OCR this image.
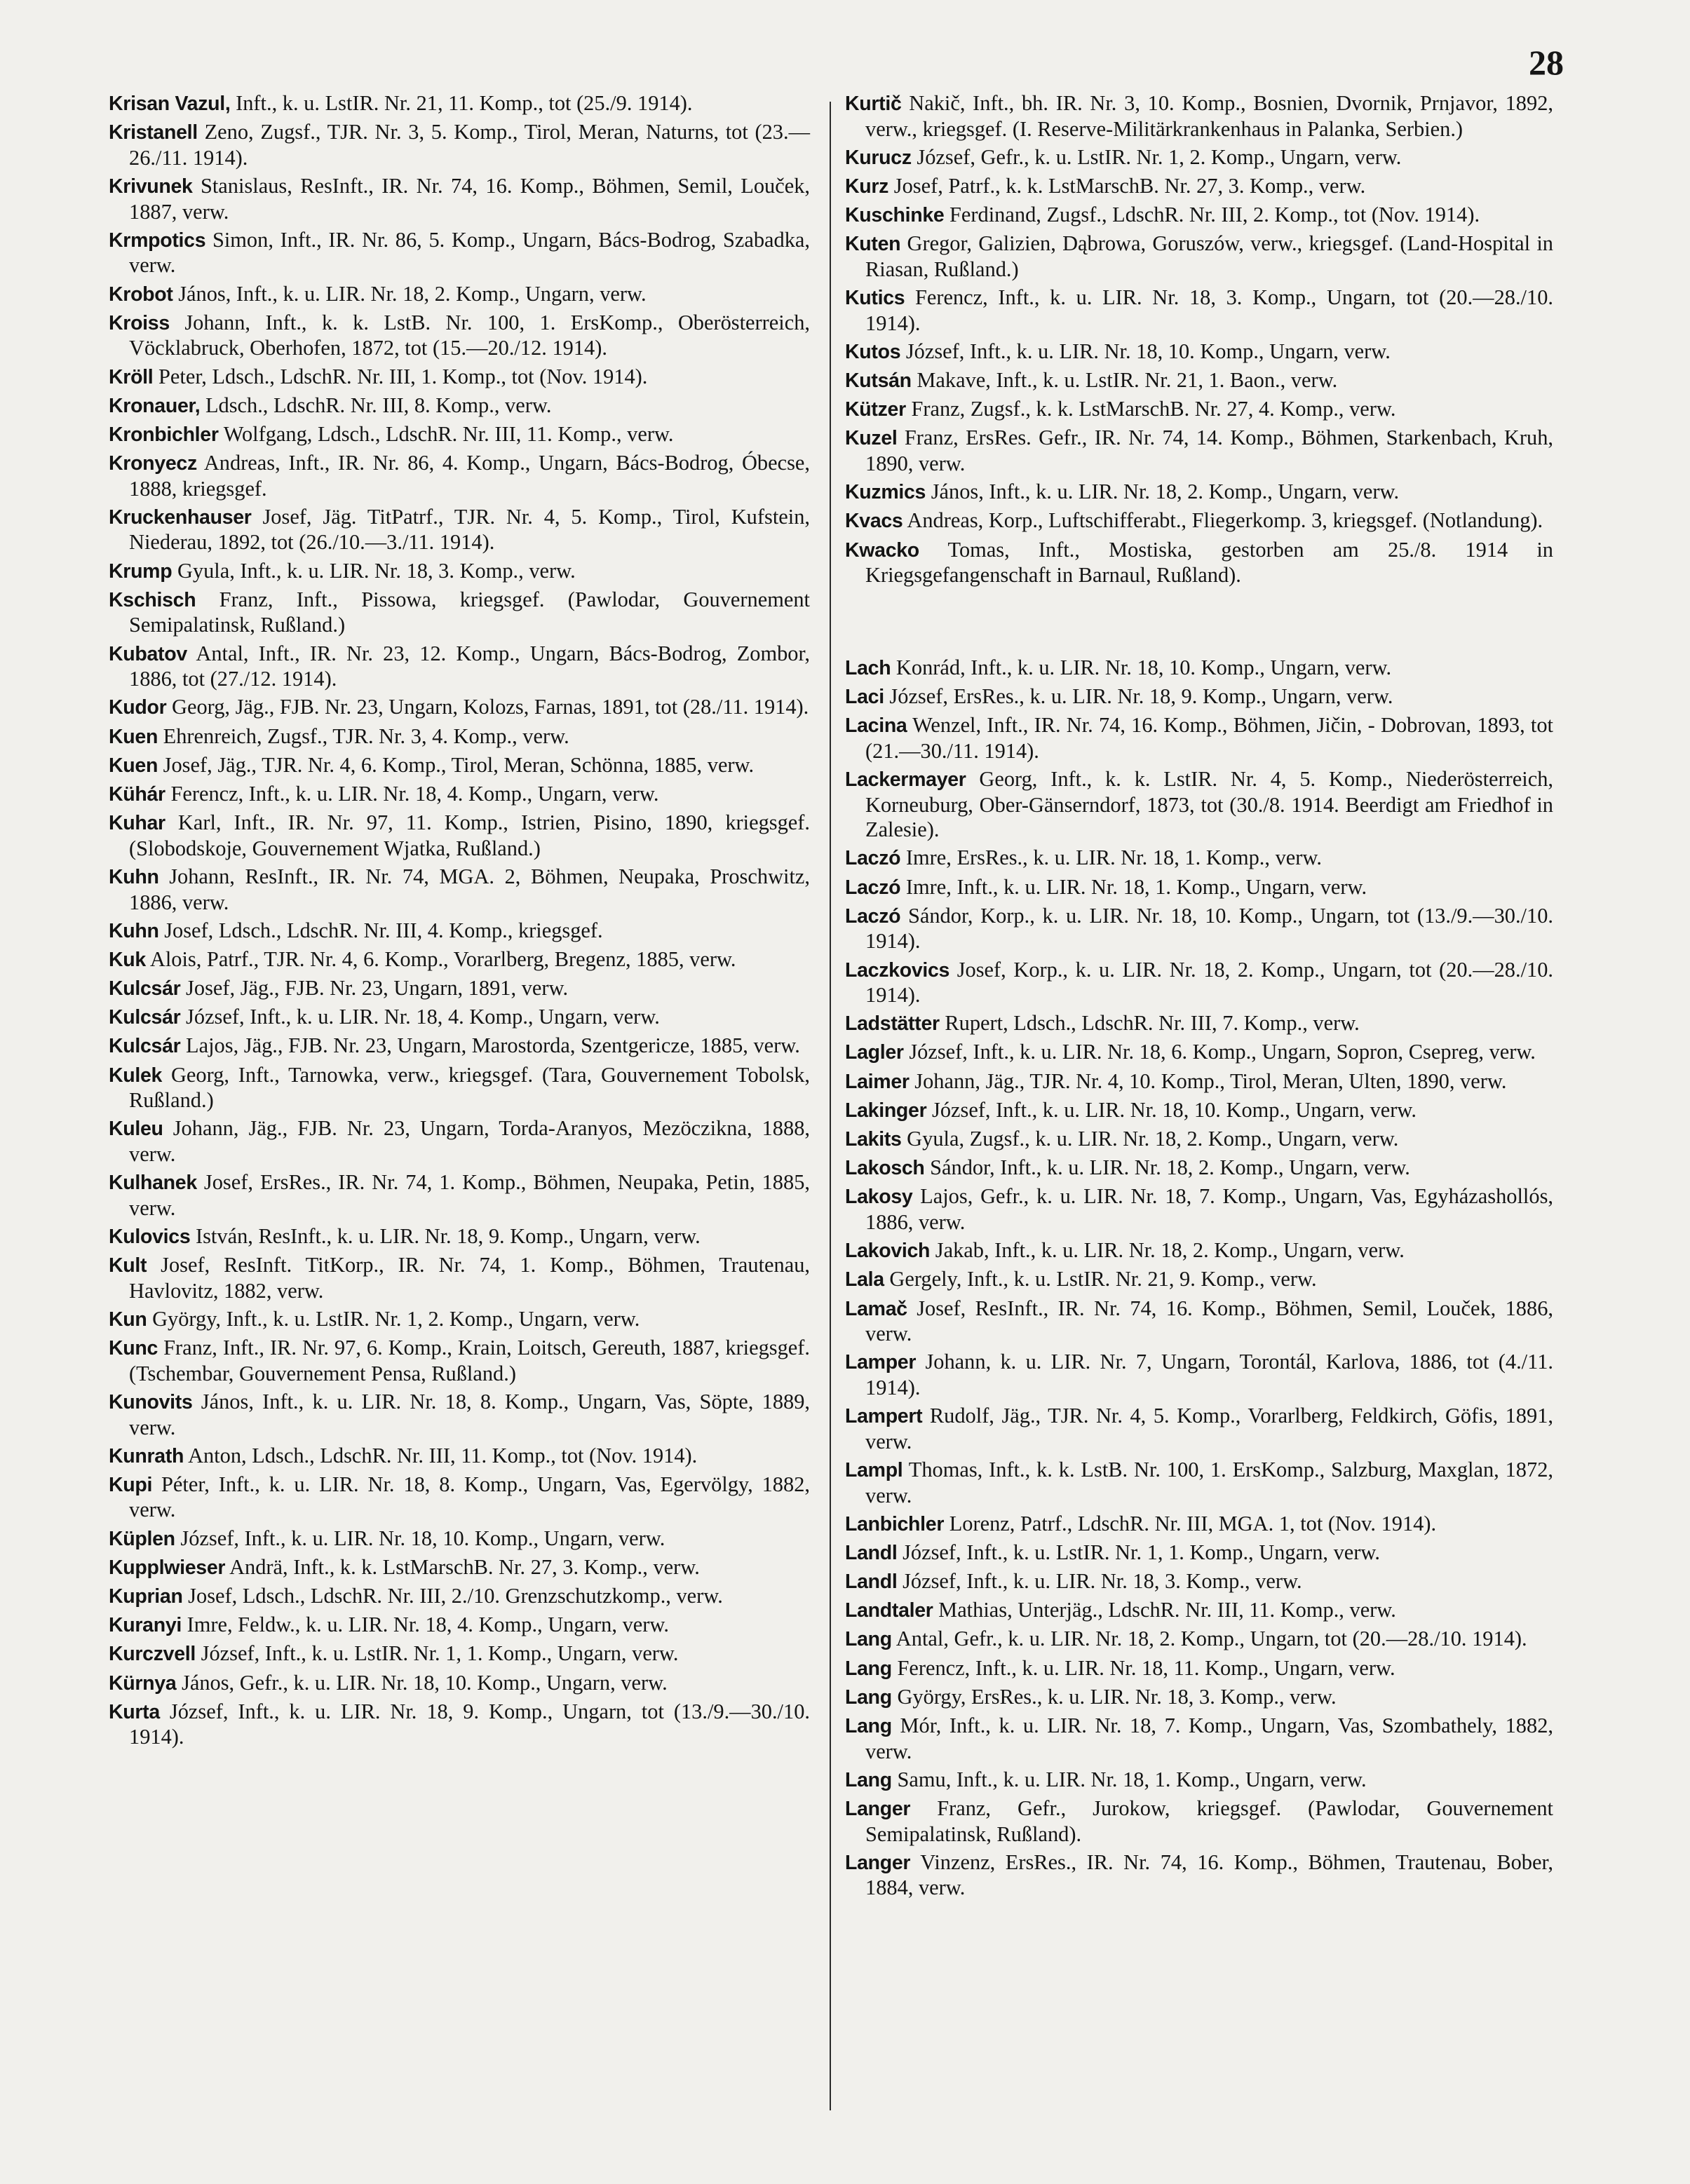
28

Krisan Vazul, Inft., k. u. LstIR. Nr. 21, 11. Komp., tot (25./9. 1914).

Kristanell Zeno, Zugsf., TJR. Nr. 3, 5. Komp., Tirol, Meran, Naturns, tot (23.—26./11. 1914).

Krivunek Stanislaus, ResInft., IR. Nr. 74, 16. Komp., Böhmen, Semil, Louček, 1887, verw.

Krmpotics Simon, Inft., IR. Nr. 86, 5. Komp., Ungarn, Bács-Bodrog, Szabadka, verw.

Krobot János, Inft., k. u. LIR. Nr. 18, 2. Komp., Ungarn, verw.

Kroiss Johann, Inft., k. k. LstB. Nr. 100, 1. ErsKomp., Oberösterreich, Vöcklabruck, Oberhofen, 1872, tot (15.—20./12. 1914).

Kröll Peter, Ldsch., LdschR. Nr. III, 1. Komp., tot (Nov. 1914).

Kronauer, Ldsch., LdschR. Nr. III, 8. Komp., verw.

Kronbichler Wolfgang, Ldsch., LdschR. Nr. III, 11. Komp., verw.

Kronyecz Andreas, Inft., IR. Nr. 86, 4. Komp., Ungarn, Bács-Bodrog, Óbecse, 1888, kriegsgef.

Kruckenhauser Josef, Jäg. TitPatrf., TJR. Nr. 4, 5. Komp., Tirol, Kufstein, Niederau, 1892, tot (26./10.—3./11. 1914).

Krump Gyula, Inft., k. u. LIR. Nr. 18, 3. Komp., verw.

Kschisch Franz, Inft., Pissowa, kriegsgef. (Pawlodar, Gouvernement Semipalatinsk, Rußland.)

Kubatov Antal, Inft., IR. Nr. 23, 12. Komp., Ungarn, Bács-Bodrog, Zombor, 1886, tot (27./12. 1914).

Kudor Georg, Jäg., FJB. Nr. 23, Ungarn, Kolozs, Farnas, 1891, tot (28./11. 1914).

Kuen Ehrenreich, Zugsf., TJR. Nr. 3, 4. Komp., verw.

Kuen Josef, Jäg., TJR. Nr. 4, 6. Komp., Tirol, Meran, Schönna, 1885, verw.

Kühár Ferencz, Inft., k. u. LIR. Nr. 18, 4. Komp., Ungarn, verw.

Kuhar Karl, Inft., IR. Nr. 97, 11. Komp., Istrien, Pisino, 1890, kriegsgef. (Slobodskoje, Gouvernement Wjatka, Rußland.)

Kuhn Johann, ResInft., IR. Nr. 74, MGA. 2, Böhmen, Neupaka, Proschwitz, 1886, verw.

Kuhn Josef, Ldsch., LdschR. Nr. III, 4. Komp., kriegsgef.

Kuk Alois, Patrf., TJR. Nr. 4, 6. Komp., Vorarlberg, Bregenz, 1885, verw.

Kulcsár Josef, Jäg., FJB. Nr. 23, Ungarn, 1891, verw.

Kulcsár József, Inft., k. u. LIR. Nr. 18, 4. Komp., Ungarn, verw.

Kulcsár Lajos, Jäg., FJB. Nr. 23, Ungarn, Marostorda, Szentgericze, 1885, verw.

Kulek Georg, Inft., Tarnowka, verw., kriegsgef. (Tara, Gouvernement Tobolsk, Rußland.)

Kuleu Johann, Jäg., FJB. Nr. 23, Ungarn, Torda-Aranyos, Mezöczikna, 1888, verw.

Kulhanek Josef, ErsRes., IR. Nr. 74, 1. Komp., Böhmen, Neupaka, Petin, 1885, verw.

Kulovics István, ResInft., k. u. LIR. Nr. 18, 9. Komp., Ungarn, verw.

Kult Josef, ResInft. TitKorp., IR. Nr. 74, 1. Komp., Böhmen, Trautenau, Havlovitz, 1882, verw.

Kun György, Inft., k. u. LstIR. Nr. 1, 2. Komp., Ungarn, verw.

Kunc Franz, Inft., IR. Nr. 97, 6. Komp., Krain, Loitsch, Gereuth, 1887, kriegsgef. (Tschembar, Gouvernement Pensa, Rußland.)

Kunovits János, Inft., k. u. LIR. Nr. 18, 8. Komp., Ungarn, Vas, Söpte, 1889, verw.

Kunrath Anton, Ldsch., LdschR. Nr. III, 11. Komp., tot (Nov. 1914).

Kupi Péter, Inft., k. u. LIR. Nr. 18, 8. Komp., Ungarn, Vas, Egervölgy, 1882, verw.

Küplen József, Inft., k. u. LIR. Nr. 18, 10. Komp., Ungarn, verw.

Kupplwieser Andrä, Inft., k. k. LstMarschB. Nr. 27, 3. Komp., verw.

Kuprian Josef, Ldsch., LdschR. Nr. III, 2./10. Grenzschutzkomp., verw.

Kuranyi Imre, Feldw., k. u. LIR. Nr. 18, 4. Komp., Ungarn, verw.

Kurczvell József, Inft., k. u. LstIR. Nr. 1, 1. Komp., Ungarn, verw.

Kürnya János, Gefr., k. u. LIR. Nr. 18, 10. Komp., Ungarn, verw.

Kurta József, Inft., k. u. LIR. Nr. 18, 9. Komp., Ungarn, tot (13./9.—30./10. 1914).

Kurtič Nakič, Inft., bh. IR. Nr. 3, 10. Komp., Bosnien, Dvornik, Prnjavor, 1892, verw., kriegsgef. (I. Reserve-Militärkrankenhaus in Palanka, Serbien.)

Kurucz József, Gefr., k. u. LstIR. Nr. 1, 2. Komp., Ungarn, verw.

Kurz Josef, Patrf., k. k. LstMarschB. Nr. 27, 3. Komp., verw.

Kuschinke Ferdinand, Zugsf., LdschR. Nr. III, 2. Komp., tot (Nov. 1914).

Kuten Gregor, Galizien, Dąbrowa, Goruszów, verw., kriegsgef. (Land-Hospital in Riasan, Rußland.)

Kutics Ferencz, Inft., k. u. LIR. Nr. 18, 3. Komp., Ungarn, tot (20.—28./10. 1914).

Kutos József, Inft., k. u. LIR. Nr. 18, 10. Komp., Ungarn, verw.

Kutsán Makave, Inft., k. u. LstIR. Nr. 21, 1. Baon., verw.

Kützer Franz, Zugsf., k. k. LstMarschB. Nr. 27, 4. Komp., verw.

Kuzel Franz, ErsRes. Gefr., IR. Nr. 74, 14. Komp., Böhmen, Starkenbach, Kruh, 1890, verw.

Kuzmics János, Inft., k. u. LIR. Nr. 18, 2. Komp., Ungarn, verw.

Kvacs Andreas, Korp., Luftschifferabt., Fliegerkomp. 3, kriegsgef. (Notlandung).

Kwacko Tomas, Inft., Mostiska, gestorben am 25./8. 1914 in Kriegsgefangenschaft in Barnaul, Rußland).

Lach Konrád, Inft., k. u. LIR. Nr. 18, 10. Komp., Ungarn, verw.

Laci József, ErsRes., k. u. LIR. Nr. 18, 9. Komp., Ungarn, verw.

Lacina Wenzel, Inft., IR. Nr. 74, 16. Komp., Böhmen, Jičin, - Dobrovan, 1893, tot (21.—30./11. 1914).

Lackermayer Georg, Inft., k. k. LstIR. Nr. 4, 5. Komp., Niederösterreich, Korneuburg, Ober-Gänserndorf, 1873, tot (30./8. 1914. Beerdigt am Friedhof in Zalesie).

Laczó Imre, ErsRes., k. u. LIR. Nr. 18, 1. Komp., verw.

Laczó Imre, Inft., k. u. LIR. Nr. 18, 1. Komp., Ungarn, verw.

Laczó Sándor, Korp., k. u. LIR. Nr. 18, 10. Komp., Ungarn, tot (13./9.—30./10. 1914).

Laczkovics Josef, Korp., k. u. LIR. Nr. 18, 2. Komp., Ungarn, tot (20.—28./10. 1914).

Ladstätter Rupert, Ldsch., LdschR. Nr. III, 7. Komp., verw.

Lagler József, Inft., k. u. LIR. Nr. 18, 6. Komp., Ungarn, Sopron, Csepreg, verw.

Laimer Johann, Jäg., TJR. Nr. 4, 10. Komp., Tirol, Meran, Ulten, 1890, verw.

Lakinger József, Inft., k. u. LIR. Nr. 18, 10. Komp., Ungarn, verw.

Lakits Gyula, Zugsf., k. u. LIR. Nr. 18, 2. Komp., Ungarn, verw.

Lakosch Sándor, Inft., k. u. LIR. Nr. 18, 2. Komp., Ungarn, verw.

Lakosy Lajos, Gefr., k. u. LIR. Nr. 18, 7. Komp., Ungarn, Vas, Egyházashollós, 1886, verw.

Lakovich Jakab, Inft., k. u. LIR. Nr. 18, 2. Komp., Ungarn, verw.

Lala Gergely, Inft., k. u. LstIR. Nr. 21, 9. Komp., verw.

Lamač Josef, ResInft., IR. Nr. 74, 16. Komp., Böhmen, Semil, Louček, 1886, verw.

Lamper Johann, k. u. LIR. Nr. 7, Ungarn, Torontál, Karlova, 1886, tot (4./11. 1914).

Lampert Rudolf, Jäg., TJR. Nr. 4, 5. Komp., Vorarlberg, Feldkirch, Göfis, 1891, verw.

Lampl Thomas, Inft., k. k. LstB. Nr. 100, 1. ErsKomp., Salzburg, Maxglan, 1872, verw.

Lanbichler Lorenz, Patrf., LdschR. Nr. III, MGA. 1, tot (Nov. 1914).

Landl József, Inft., k. u. LstIR. Nr. 1, 1. Komp., Ungarn, verw.

Landl József, Inft., k. u. LIR. Nr. 18, 3. Komp., verw.

Landtaler Mathias, Unterjäg., LdschR. Nr. III, 11. Komp., verw.

Lang Antal, Gefr., k. u. LIR. Nr. 18, 2. Komp., Ungarn, tot (20.—28./10. 1914).

Lang Ferencz, Inft., k. u. LIR. Nr. 18, 11. Komp., Ungarn, verw.

Lang György, ErsRes., k. u. LIR. Nr. 18, 3. Komp., verw.

Lang Mór, Inft., k. u. LIR. Nr. 18, 7. Komp., Ungarn, Vas, Szombathely, 1882, verw.

Lang Samu, Inft., k. u. LIR. Nr. 18, 1. Komp., Ungarn, verw.

Langer Franz, Gefr., Jurokow, kriegsgef. (Pawlodar, Gouvernement Semipalatinsk, Rußland).

Langer Vinzenz, ErsRes., IR. Nr. 74, 16. Komp., Böhmen, Trautenau, Bober, 1884, verw.
